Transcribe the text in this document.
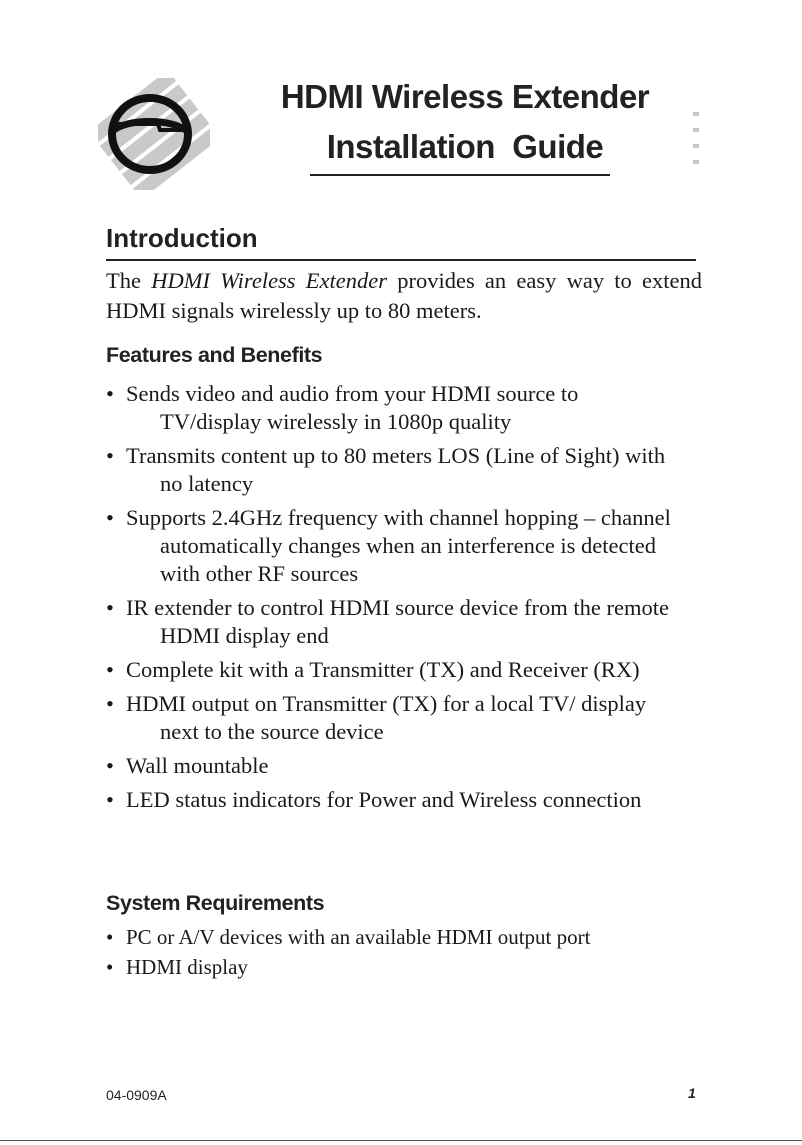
HDMI Wireless Extender
Installation  Guide
Introduction

The HDMI Wireless Extender provides an easy way to extend HDMI signals wirelessly up to 80 meters.

Features and Benefits
• Sends video and audio from your HDMI source to TV/display wirelessly in 1080p quality
• Transmits content up to 80 meters LOS (Line of Sight) with no latency
• Supports 2.4GHz frequency with channel hopping – channel automatically changes when an interference is detected with other RF sources
• IR extender to control HDMI source device from the remote HDMI display end
• Complete kit with a Transmitter (TX) and Receiver (RX)
• HDMI output on Transmitter (TX) for a local TV/ display next to the source device
• Wall mountable
• LED status indicators for Power and Wireless connection
System Requirements
• PC or A/V devices with an available HDMI output port
• HDMI display
04-0909A	1
